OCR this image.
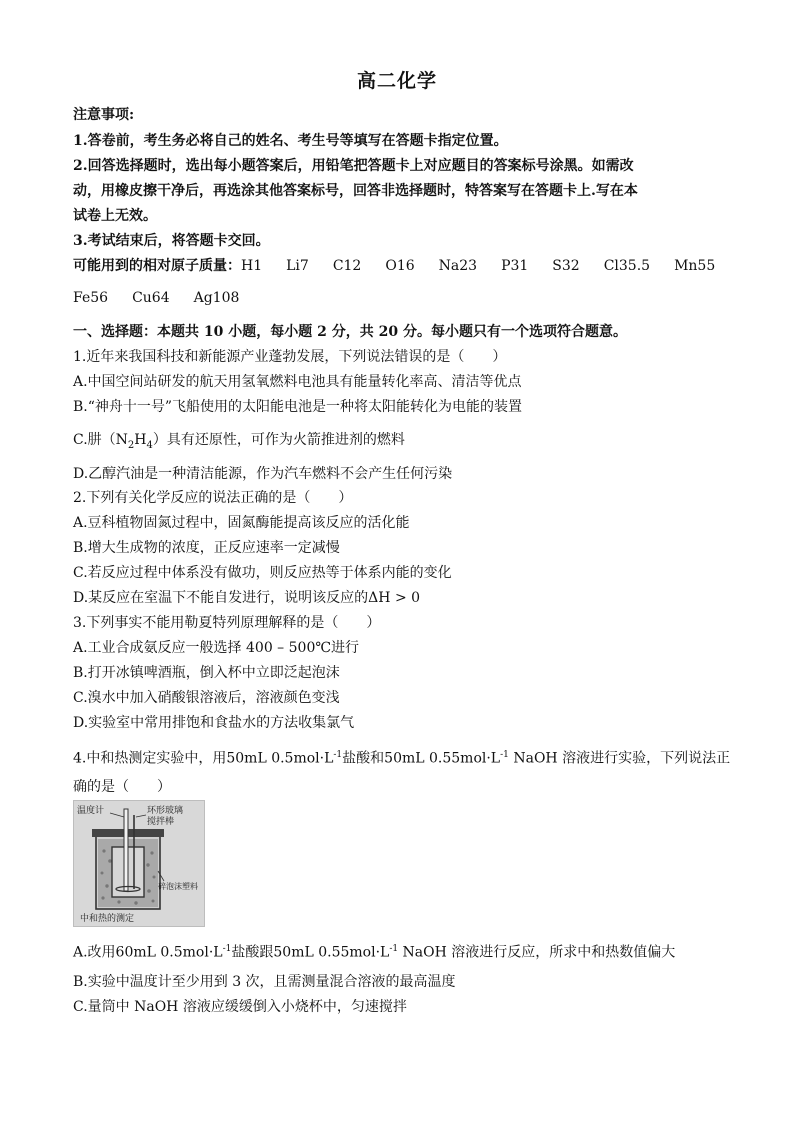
高二化学
注意事项:
1.答卷前，考生务必将自己的姓名、考生号等填写在答题卡指定位置。
2.回答选择题时，选出每小题答案后，用铅笔把答题卡上对应题目的答案标号涂黑。如需改
动，用橡皮擦干净后，再选涂其他答案标号，回答非选择题时，特答案写在答题卡上.写在本
试卷上无效。
3.考试结束后，将答题卡交回。
可能用到的相对原子质量：H1 Li7 C12 O16 Na23 P31 S32 Cl35.5 Mn55
Fe56 Cu64 Ag108
一、选择题：本题共 10 小题，每小题 2 分，共 20 分。每小题只有一个选项符合题意。
1.近年来我国科技和新能源产业蓬勃发展，下列说法错误的是（　　）
A.中国空间站研发的航天用氢氧燃料电池具有能量转化率高、清洁等优点
B.“神舟十一号”飞船使用的太阳能电池是一种将太阳能转化为电能的装置
C.肼$(N_2H_4)$具有还原性，可作为火箭推进剂的燃料
D.乙醇汽油是一种清洁能源，作为汽车燃料不会产生任何污染
2.下列有关化学反应的说法正确的是（　　）
A.豆科植物固氮过程中，固氮酶能提高该反应的活化能
B.增大生成物的浓度，正反应速率一定减慢
C.若反应过程中体系没有做功，则反应热等于体系内能的变化
D.某反应在室温下不能自发进行，说明该反应的ΔH > 0
3.下列事实不能用勒夏特列原理解释的是（　　）
A.工业合成氨反应一般选择 400 – 500℃进行
B.打开冰镇啤酒瓶，倒入杯中立即泛起泡沫
C.溴水中加入硝酸银溶液后，溶液颜色变浅
D.实验室中常用排饱和食盐水的方法收集氯气
4.中和热测定实验中，用50mL $0.5mol\cdot L^{-1}$盐酸和50mL $0.55mol\cdot L^{-1}$ NaOH 溶液进行实验，下列说法正
确的是（　　）
温度计	环形玻璃
搅拌棒
碎泡沫塑料
中和热的测定
A.改用60mL $0.5mol\cdot L^{-1}$盐酸跟50mL $0.55mol\cdot L^{-1}$ NaOH 溶液进行反应，所求中和热数值偏大
B.实验中温度计至少用到 3 次，且需测量混合溶液的最高温度
C.量筒中 NaOH 溶液应缓缓倒入小烧杯中，匀速搅拌
